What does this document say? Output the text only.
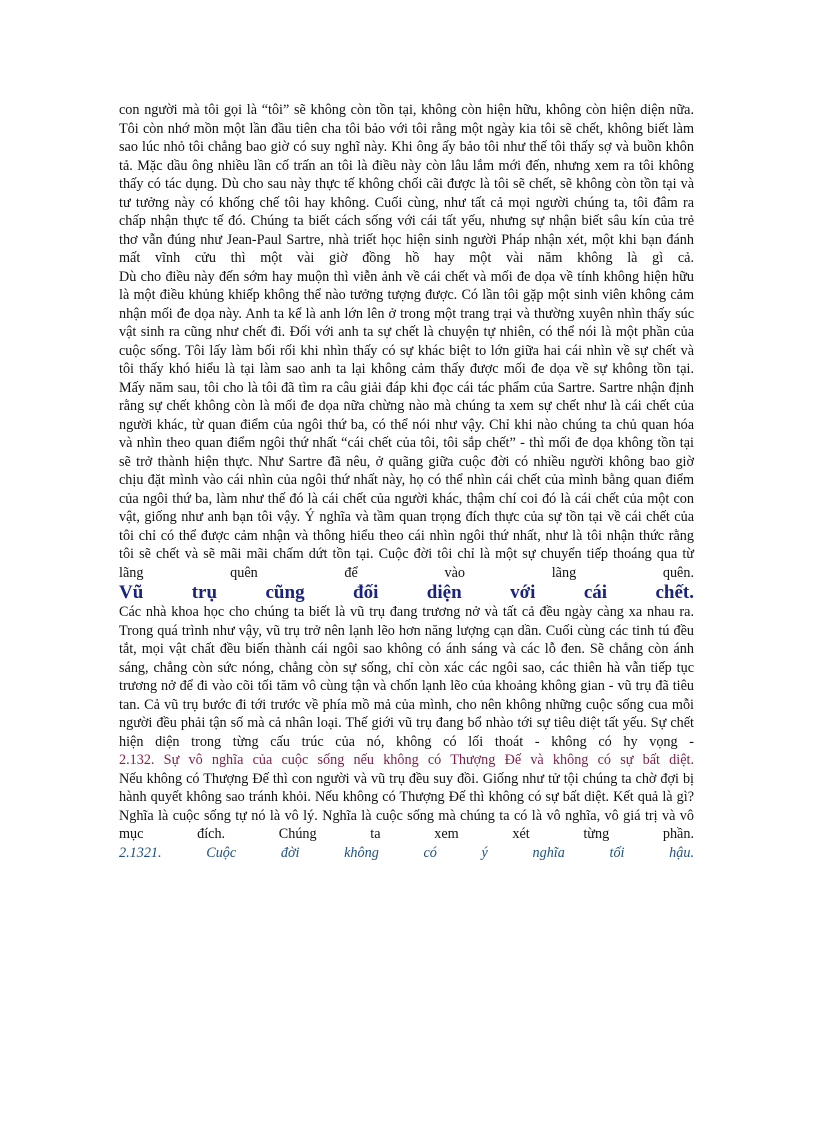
con người mà tôi gọi là “tôi” sẽ không còn tồn tại, không còn hiện hữu, không còn hiện diện nữa.

Tôi còn nhớ mồn một lần đầu tiên cha tôi bảo với tôi rằng một ngày kia tôi sẽ chết, không biết làm sao lúc nhỏ tôi chẳng bao giờ có suy nghĩ này. Khi ông ấy bảo tôi như thế tôi thấy sợ và buồn khôn tả. Mặc dầu ông nhiều lần cố trấn an tôi là điều này còn lâu lắm mới đến, nhưng xem ra tôi không thấy có tác dụng. Dù cho sau này thực tế không chối cãi được là tôi sẽ chết, sẽ không còn tồn tại và tư tưởng này có khống chế tôi hay không. Cuối cùng, như tất cả mọi người chúng ta, tôi đâm ra chấp nhận thực tế đó. Chúng ta biết cách sống với cái tất yếu, nhưng sự nhận biết sâu kín của trẻ thơ vẫn đúng như Jean-Paul Sartre, nhà triết học hiện sinh người Pháp nhận xét, một khi bạn đánh mất vĩnh cửu thì một vài giờ đồng hồ hay một vài năm không là gì cả.

Dù cho điều này đến sớm hay muộn thì viễn ảnh về cái chết và mối đe dọa về tính không hiện hữu là một điều khủng khiếp không thể nào tưởng tượng được. Có lần tôi gặp một sinh viên không cảm nhận mối đe dọa này. Anh ta kể là anh lớn lên ở trong một trang trại và thường xuyên nhìn thấy súc vật sinh ra cũng như chết đi. Đối với anh ta sự chết là chuyện tự nhiên, có thể nói là một phần của cuộc sống. Tôi lấy làm bối rối khi nhìn thấy có sự khác biệt to lớn giữa hai cái nhìn về sự chết và tôi thấy khó hiểu là tại làm sao anh ta lại không cảm thấy được mối đe dọa về sự không tồn tại. Mấy năm sau, tôi cho là tôi đã tìm ra câu giải đáp khi đọc cái tác phẩm của Sartre. Sartre nhận định rằng sự chết không còn là mối đe dọa nữa chừng nào mà chúng ta xem sự chết như là cái chết của người khác, từ quan điểm của ngôi thứ ba, có thể nói như vậy. Chỉ khi nào chúng ta chủ quan hóa và nhìn theo quan điểm ngôi thứ nhất “cái chết của tôi, tôi sắp chết” - thì mối đe dọa không tồn tại sẽ trở thành hiện thực. Như Sartre đã nêu, ở quãng giữa cuộc đời có nhiều người không bao giờ chịu đặt mình vào cái nhìn của ngôi thứ nhất này, họ có thể nhìn cái chết của mình bằng quan điểm của ngôi thứ ba, làm như thế đó là cái chết của người khác, thậm chí coi đó là cái chết của một con vật, giống như anh bạn tôi vậy. Ý nghĩa và tầm quan trọng đích thực của sự tồn tại về cái chết của tôi chỉ có thể được cảm nhận và thông hiểu theo cái nhìn ngôi thứ nhất, như là tôi nhận thức rằng tôi sẽ chết và sẽ mãi mãi chấm dứt tồn tại. Cuộc đời tôi chỉ là một sự chuyển tiếp thoáng qua từ lãng quên để vào lãng quên.

Vũ trụ cũng đối diện với cái chết.

Các nhà khoa học cho chúng ta biết là vũ trụ đang trương nở và tất cả đều ngày càng xa nhau ra. Trong quá trình như vậy, vũ trụ trở nên lạnh lẽo hơn năng lượng cạn dần. Cuối cùng các tinh tú đều tắt, mọi vật chất đều biến thành cái ngôi sao không có ánh sáng và các lỗ đen. Sẽ chẳng còn ánh sáng, chẳng còn sức nóng, chẳng còn sự sống, chỉ còn xác các ngôi sao, các thiên hà vẫn tiếp tục trương nở để đi vào cõi tối tăm vô cùng tận và chốn lạnh lẽo của khoảng không gian - vũ trụ đã tiêu tan. Cả vũ trụ bước đi tới trước về phía mồ mả của mình, cho nên không những cuộc sống cua mỗi người đều phải tận số mà cả nhân loại. Thế giới vũ trụ đang bổ nhào tới sự tiêu diệt tất yếu. Sự chết hiện diện trong từng cấu trúc của nó, không có lối thoát - không có hy vọng -

2.132. Sự vô nghĩa của cuộc sống nếu không có Thượng Đế và không có sự bất diệt.

Nếu không có Thượng Đế thì con người và vũ trụ đều suy đồi. Giống như tử tội chúng ta chờ đợi bị hành quyết không sao tránh khỏi. Nếu không có Thượng Đế thì không có sự bất diệt. Kết quả là gì? Nghĩa là cuộc sống tự nó là vô lý. Nghĩa là cuộc sống mà chúng ta có là vô nghĩa, vô giá trị và vô mục đích. Chúng ta xem xét từng phần.

2.1321. Cuộc đời không có ý nghĩa tối hậu.
